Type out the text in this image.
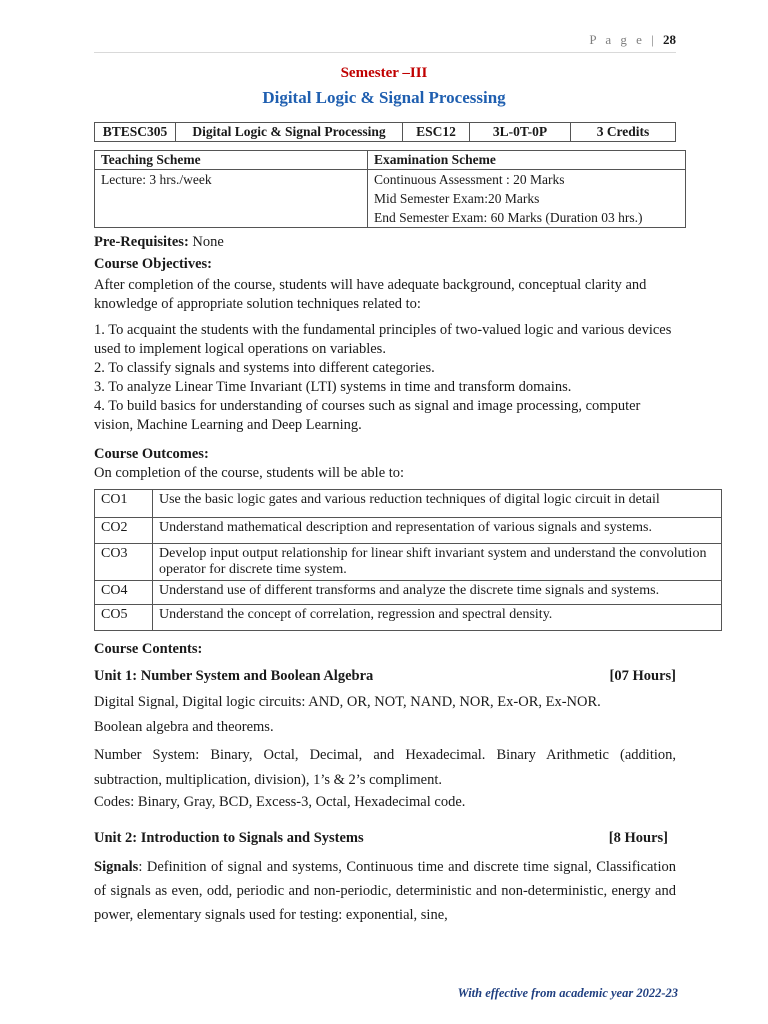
P a g e | 28
Semester –III
Digital Logic & Signal Processing
BTESC305	Digital Logic & Signal Processing	ESC12	3L-0T-0P	3 Credits
Teaching Scheme	Examination Scheme
Lecture: 3 hrs./week	Continuous Assessment : 20 Marks
Mid Semester Exam:20 Marks
End Semester Exam: 60 Marks (Duration 03 hrs.)
Pre-Requisites: None
Course Objectives:
After completion of the course, students will have adequate background, conceptual clarity and knowledge of appropriate solution techniques related to:
1. To acquaint the students with the fundamental principles of two-valued logic and various devices used to implement logical operations on variables.
2. To classify signals and systems into different categories.
3. To analyze Linear Time Invariant (LTI) systems in time and transform domains.
4. To build basics for understanding of courses such as signal and image processing, computer vision, Machine Learning and Deep Learning.
Course Outcomes:
On completion of the course, students will be able to:
CO1	Use the basic logic gates and various reduction techniques of digital logic circuit in detail
CO2	Understand mathematical description and representation of various signals and systems.
CO3	Develop input output relationship for linear shift invariant system and understand the convolution operator for discrete time system.
CO4	Understand use of different transforms and analyze the discrete time signals and systems.
CO5	Understand the concept of correlation, regression and spectral density.
Course Contents:
Unit 1: Number System and Boolean Algebra	[07 Hours]
Digital Signal, Digital logic circuits: AND, OR, NOT, NAND, NOR, Ex-OR, Ex-NOR.
Boolean algebra and theorems.
Number System: Binary, Octal, Decimal, and Hexadecimal. Binary Arithmetic (addition, subtraction, multiplication, division), 1’s & 2’s compliment.
Codes: Binary, Gray, BCD, Excess-3, Octal, Hexadecimal code.
Unit 2: Introduction to Signals and Systems	[8 Hours]
Signals: Definition of signal and systems, Continuous time and discrete time signal, Classification of signals as even, odd, periodic and non-periodic, deterministic and non-deterministic, energy and power, elementary signals used for testing: exponential, sine,
With effective from academic year 2022-23
